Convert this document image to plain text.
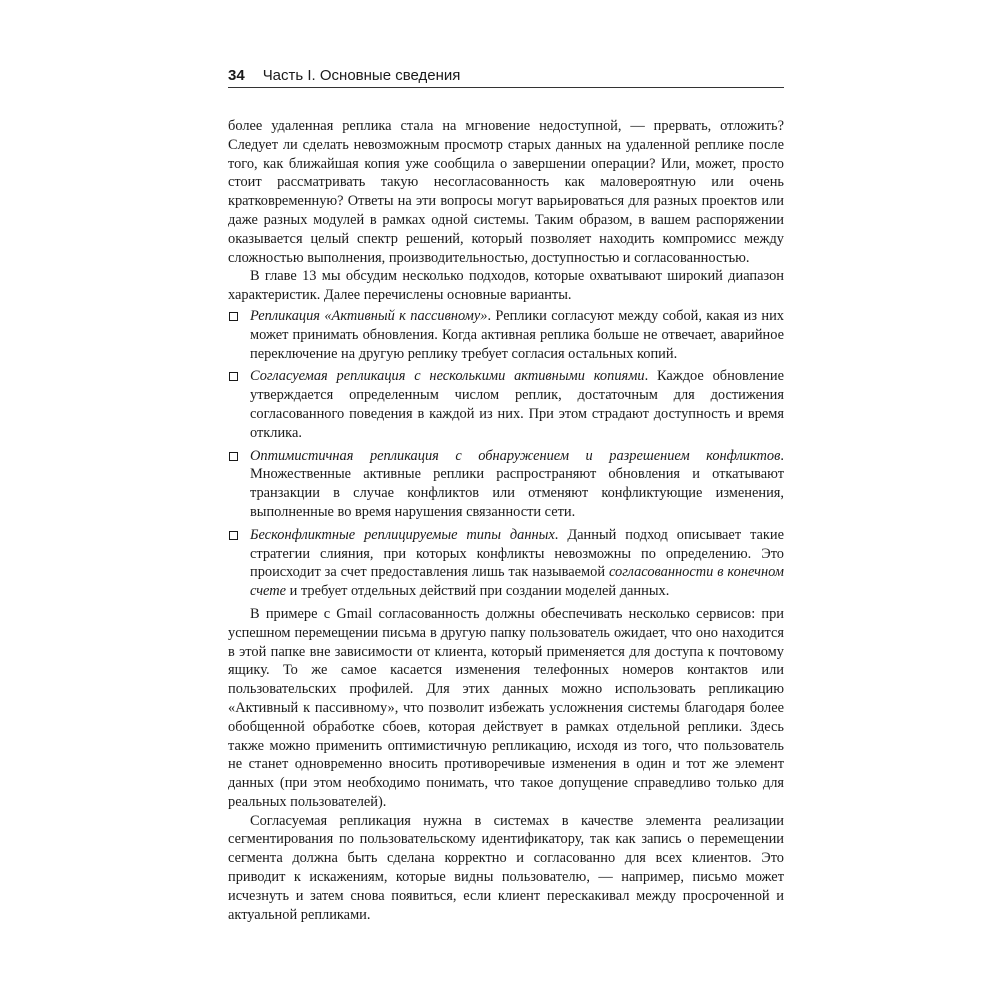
34 Часть I. Основные сведения

более удаленная реплика стала на мгновение недоступной, — прервать, отложить? Следует ли сделать невозможным просмотр старых данных на удаленной реплике после того, как ближайшая копия уже сообщила о завершении операции? Или, может, просто стоит рассматривать такую несогласованность как маловероятную или очень кратковременную? Ответы на эти вопросы могут варьироваться для разных проектов или даже разных модулей в рамках одной системы. Таким образом, в вашем распоряжении оказывается целый спектр решений, который позволяет находить компромисс между сложностью выполнения, производительностью, доступностью и согласованностью.

В главе 13 мы обсудим несколько подходов, которые охватывают широкий диапазон характеристик. Далее перечислены основные варианты.

Репликация «Активный к пассивному». Реплики согласуют между собой, какая из них может принимать обновления. Когда активная реплика больше не отвечает, аварийное переключение на другую реплику требует согласия остальных копий.
Согласуемая репликация с несколькими активными копиями. Каждое обновление утверждается определенным числом реплик, достаточным для достижения согласованного поведения в каждой из них. При этом страдают доступность и время отклика.
Оптимистичная репликация с обнаружением и разрешением конфликтов. Множественные активные реплики распространяют обновления и откатывают транзакции в случае конфликтов или отменяют конфликтующие изменения, выполненные во время нарушения связанности сети.
Бесконфликтные реплицируемые типы данных. Данный подход описывает такие стратегии слияния, при которых конфликты невозможны по определению. Это происходит за счет предоставления лишь так называемой согласованности в конечном счете и требует отдельных действий при создании моделей данных.

В примере с Gmail согласованность должны обеспечивать несколько сервисов: при успешном перемещении письма в другую папку пользователь ожидает, что оно находится в этой папке вне зависимости от клиента, который применяется для доступа к почтовому ящику. То же самое касается изменения телефонных номеров контактов или пользовательских профилей. Для этих данных можно использовать репликацию «Активный к пассивному», что позволит избежать усложнения системы благодаря более обобщенной обработке сбоев, которая действует в рамках отдельной реплики. Здесь также можно применить оптимистичную репликацию, исходя из того, что пользователь не станет одновременно вносить противоречивые изменения в один и тот же элемент данных (при этом необходимо понимать, что такое допущение справедливо только для реальных пользователей).

Согласуемая репликация нужна в системах в качестве элемента реализации сегментирования по пользовательскому идентификатору, так как запись о перемещении сегмента должна быть сделана корректно и согласованно для всех клиентов. Это приводит к искажениям, которые видны пользователю, — например, письмо может исчезнуть и затем снова появиться, если клиент перескакивал между просроченной и актуальной репликами.
